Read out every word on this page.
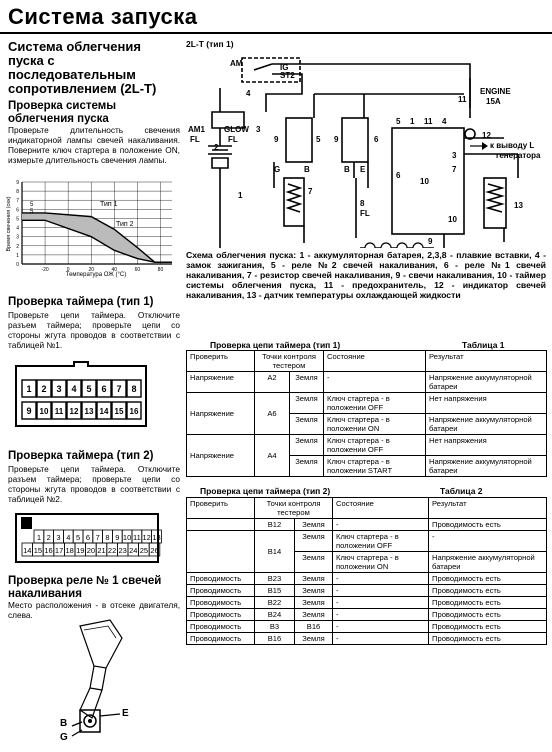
Система запуска
Система облегчения пуска с последовательным сопротивлением (2L-T)
Проверка системы облегчения пуска
Проверьте длительность свечения индикаторной лампы свечей накаливания. Поверните ключ стартера в положение ON, измерьте длительность свечения лампы.
9
8
7
6
5
4
3
2
1
0
-20	0	20	40	60	80
Время свечения (сек)
Температура ОЖ (°С)
Тип 1
Тип 2
5
5
Проверка таймера (тип 1)
Проверьте цепи таймера. Отключите разъем таймера; проверьте цепи со стороны жгута проводов в соответствии с таблицей №1.
1 2 3 4 5 6 7 8
9 10 11 12 13 14 15 16
Проверка таймера (тип 2)
Проверьте цепи таймера. Отключите разъем таймера; проверьте цепи со стороны жгута проводов в соответствии с таблицей №2.
1 2 3 4 5 6 7 8 9 10 11 12 13
14 15 16 17 18 19 20 21 22 23 24 25 26
Проверка реле № 1 свечей накаливания
Место расположения - в отсеке двигателя, слева.
E
B
G
2L-T (тип 1)
AM	IG
ST2
4
AM1
FL
GLOW
FL
2
3
1
9	5
G	B
6
9
B E
7
8
FL
5 1 11 4
10
6
3
7
10
9
11
ENGINE
15A
12
к выводу L
генератора
13
Схема облегчения пуска: 1 - аккумуляторная батарея, 2,3,8 - плавкие вставки, 4 - замок зажигания, 5 - реле №2 свечей накаливания, 6 - реле №1 свечей накаливания, 7 - резистор свечей накаливания, 9 - свечи накаливания, 10 - таймер системы облегчения пуска, 11 - предохранитель, 12 - индикатор свечей накаливания, 13 - датчик температуры охлаждающей жидкости
Проверка цепи таймера (тип 1)	Таблица 1
Проверить	Точки контроля тестером		Состояние	Результат
Напряжение	A2	Земля	-	Напряжение аккумуляторной батареи
Напряжение	A6	Земля	Ключ стартера - в положении OFF	Нет напряжения
		Земля	Ключ стартера - в положении ON	Напряжение аккумуляторной батареи
Напряжение	A4	Земля	Ключ стартера - в положении OFF	Нет напряжения
		Земля	Ключ стартера - в положении START	Напряжение аккумуляторной батареи
Проверка цепи таймера (тип 2)	Таблица 2
Проверить	Точки контроля тестером		Состояние	Результат
	B12	Земля	-	Проводимость есть
	B14	Земля	Ключ стартера - в положении OFF	-
		Земля	Ключ стартера - в положении ON	Напряжение аккумуляторной батареи
Проводимость	B23	Земля	-	Проводимость есть
Проводимость	B15	Земля	-	Проводимость есть
Проводимость	B22	Земля	-	Проводимость есть
Проводимость	B24	Земля	-	Проводимость есть
Проводимость	B3	B16	-	Проводимость есть
Проводимость	B16	Земля	-	Проводимость есть
